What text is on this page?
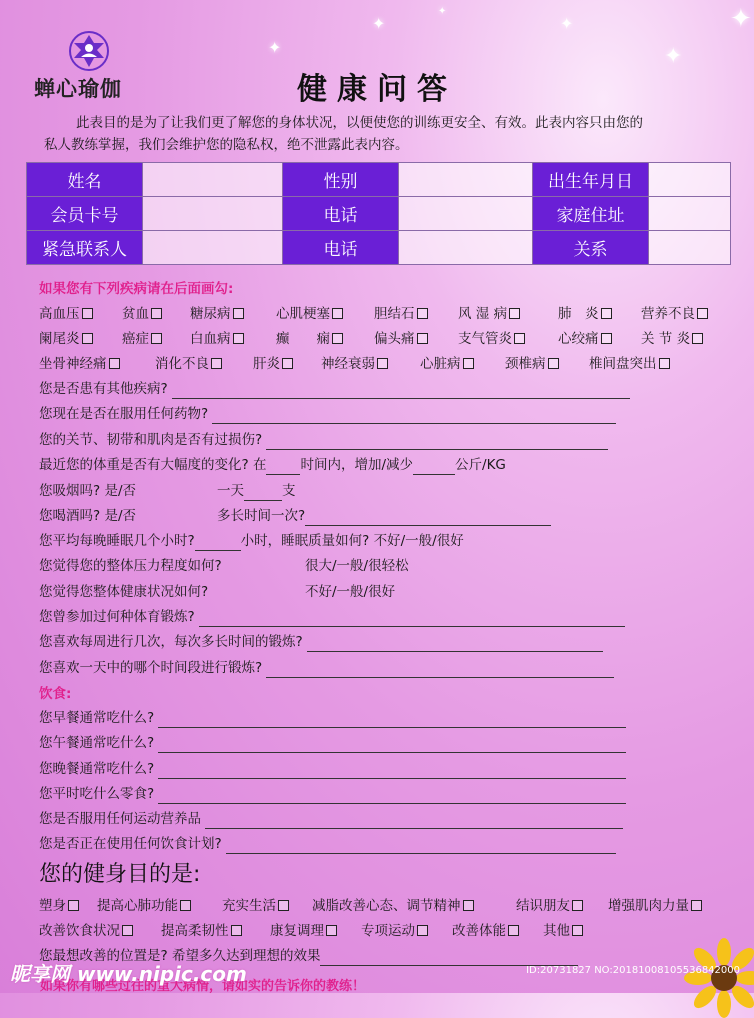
✦
✦	✦
✦
✦
✦
蝉心瑜伽	健康问答
此表目的是为了让我们更了解您的身体状况，以便使您的训练更安全、有效。此表内容只由您的
私人教练掌握，我们会维护您的隐私权，绝不泄露此表内容。
姓名		性别		出生年月日	
会员卡号		电话		家庭住址	
紧急联系人		电话		关系	
如果您有下列疾病请在后面画勾:
高血压	贫血	糖尿病	心肌梗塞	胆结石	风 湿 病	肺　炎	营养不良
阑尾炎	癌症	白血病	癫　　痫	偏头痛	支气管炎	心绞痛	关 节 炎
坐骨神经痛	消化不良	肝炎	神经衰弱	心脏病	颈椎病	椎间盘突出
您是否患有其他疾病?
您现在是否在服用任何药物?
您的关节、韧带和肌肉是否有过损伤?
最近您的体重是否有大幅度的变化? 在	时间内，增加/减少	公斤/KG
您吸烟吗? 是/否	一天	支
您喝酒吗? 是/否	多长时间一次?
您平均每晚睡眠几个小时?	小时，睡眠质量如何? 不好/一般/很好
您觉得您的整体压力程度如何?	很大/一般/很轻松
您觉得您整体健康状况如何?	不好/一般/很好
您曾参加过何种体育锻炼?
您喜欢每周进行几次，每次多长时间的锻炼?
您喜欢一天中的哪个时间段进行锻炼?
饮食:
您早餐通常吃什么?
您午餐通常吃什么?
您晚餐通常吃什么?
您平时吃什么零食?
您是否服用任何运动营养品
您是否正在使用任何饮食计划?
您的健身目的是:
塑身	提高心肺功能	充实生活	减脂改善心态、调节精神	结识朋友	增强肌肉力量
改善饮食状况	提高柔韧性	康复调理	专项运动	改善体能	其他
您最想改善的位置是? 希望多久达到理想的效果
如果你有哪些过往的重大病情，请如实的告诉你的教练！
昵享网 www.nipic.com	ID:20731827 NO:20181008105536842000
